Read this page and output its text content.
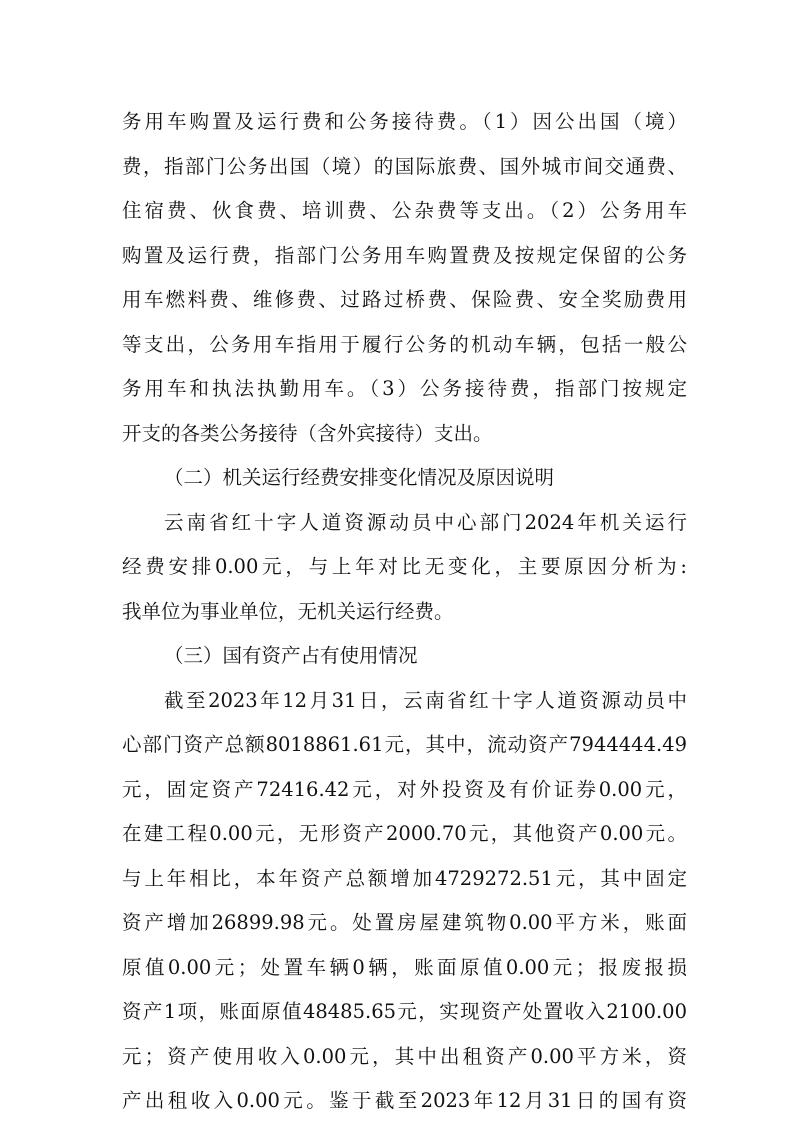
务用车购置及运行费和公务接待费。（1）因公出国（境）
费，指部门公务出国（境）的国际旅费、国外城市间交通费、
住宿费、伙食费、培训费、公杂费等支出。（2）公务用车
购置及运行费，指部门公务用车购置费及按规定保留的公务
用车燃料费、维修费、过路过桥费、保险费、安全奖励费用
等支出，公务用车指用于履行公务的机动车辆，包括一般公
务用车和执法执勤用车。（3）公务接待费，指部门按规定
开支的各类公务接待（含外宾接待）支出。
（二）机关运行经费安排变化情况及原因说明
云南省红十字人道资源动员中心部门2024年机关运行
经费安排0.00元，与上年对比无变化，主要原因分析为:
我单位为事业单位，无机关运行经费。
（三）国有资产占有使用情况
截至2023年12月31日，云南省红十字人道资源动员中
心部门资产总额8018861.61元，其中，流动资产7944444.49
元，固定资产72416.42元，对外投资及有价证券0.00元，
在建工程0.00元，无形资产2000.70元，其他资产0.00元。
与上年相比，本年资产总额增加4729272.51元，其中固定
资产增加26899.98元。处置房屋建筑物0.00平方米，账面
原值0.00元；处置车辆0辆，账面原值0.00元；报废报损
资产1项，账面原值48485.65元，实现资产处置收入2100.00
元；资产使用收入0.00元，其中出租资产0.00平方米，资
产出租收入0.00元。鉴于截至2023年12月31日的国有资
